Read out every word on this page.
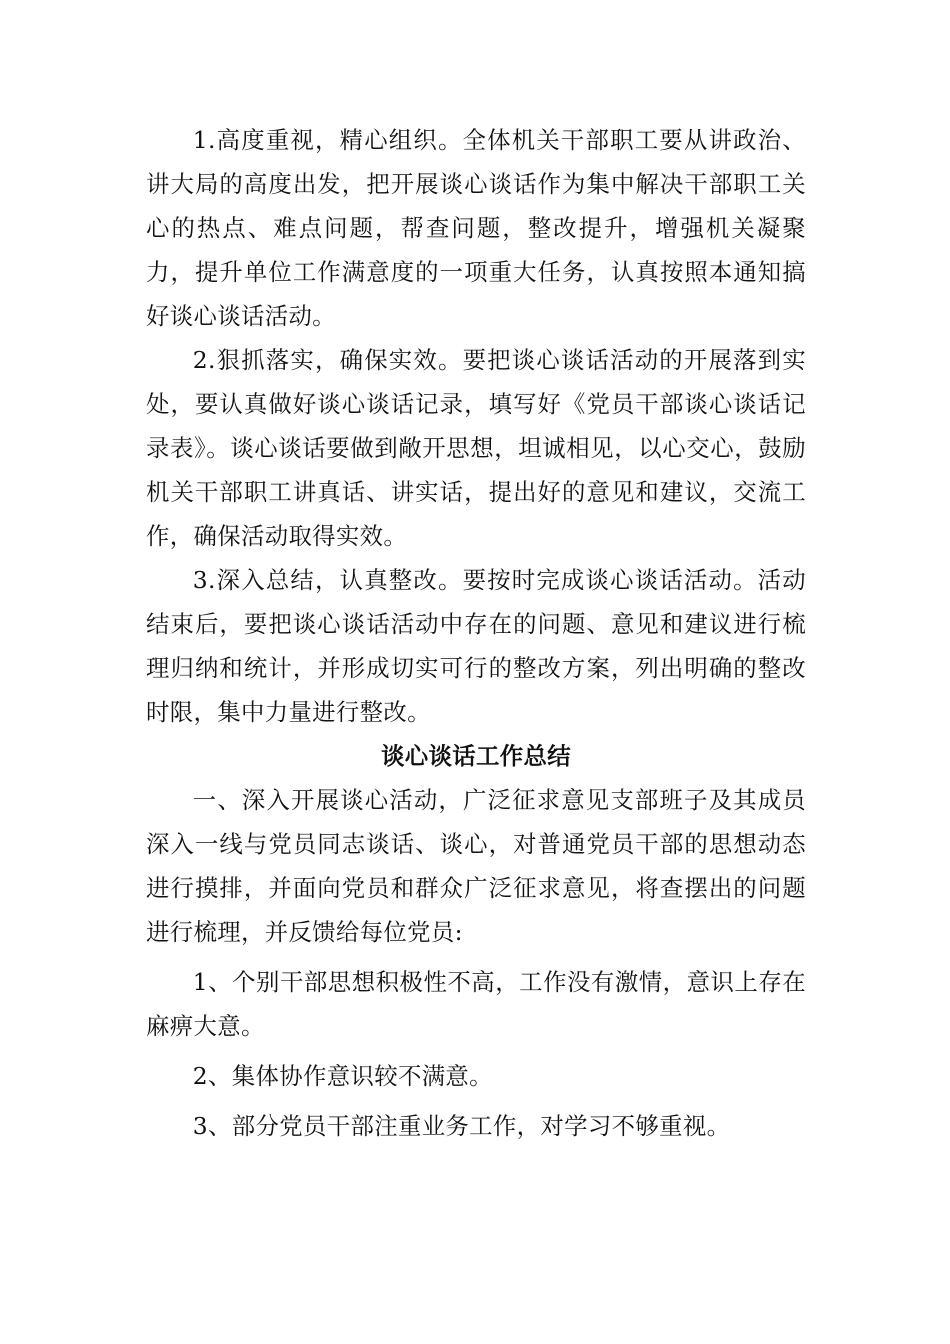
1.高度重视，精心组织。全体机关干部职工要从讲政治、讲大局的高度出发，把开展谈心谈话作为集中解决干部职工关心的热点、难点问题，帮查问题，整改提升，增强机关凝聚力，提升单位工作满意度的一项重大任务，认真按照本通知搞好谈心谈话活动。

2.狠抓落实，确保实效。要把谈心谈话活动的开展落到实处，要认真做好谈心谈话记录，填写好《党员干部谈心谈话记录表》。谈心谈话要做到敞开思想，坦诚相见，以心交心，鼓励机关干部职工讲真话、讲实话，提出好的意见和建议，交流工作，确保活动取得实效。

3.深入总结，认真整改。要按时完成谈心谈话活动。活动结束后，要把谈心谈话活动中存在的问题、意见和建议进行梳理归纳和统计，并形成切实可行的整改方案，列出明确的整改时限，集中力量进行整改。

谈心谈话工作总结

一、深入开展谈心活动，广泛征求意见支部班子及其成员深入一线与党员同志谈话、谈心，对普通党员干部的思想动态进行摸排，并面向党员和群众广泛征求意见，将查摆出的问题进行梳理，并反馈给每位党员:

1、个别干部思想积极性不高，工作没有激情，意识上存在麻痹大意。

2、集体协作意识较不满意。

3、部分党员干部注重业务工作，对学习不够重视。
